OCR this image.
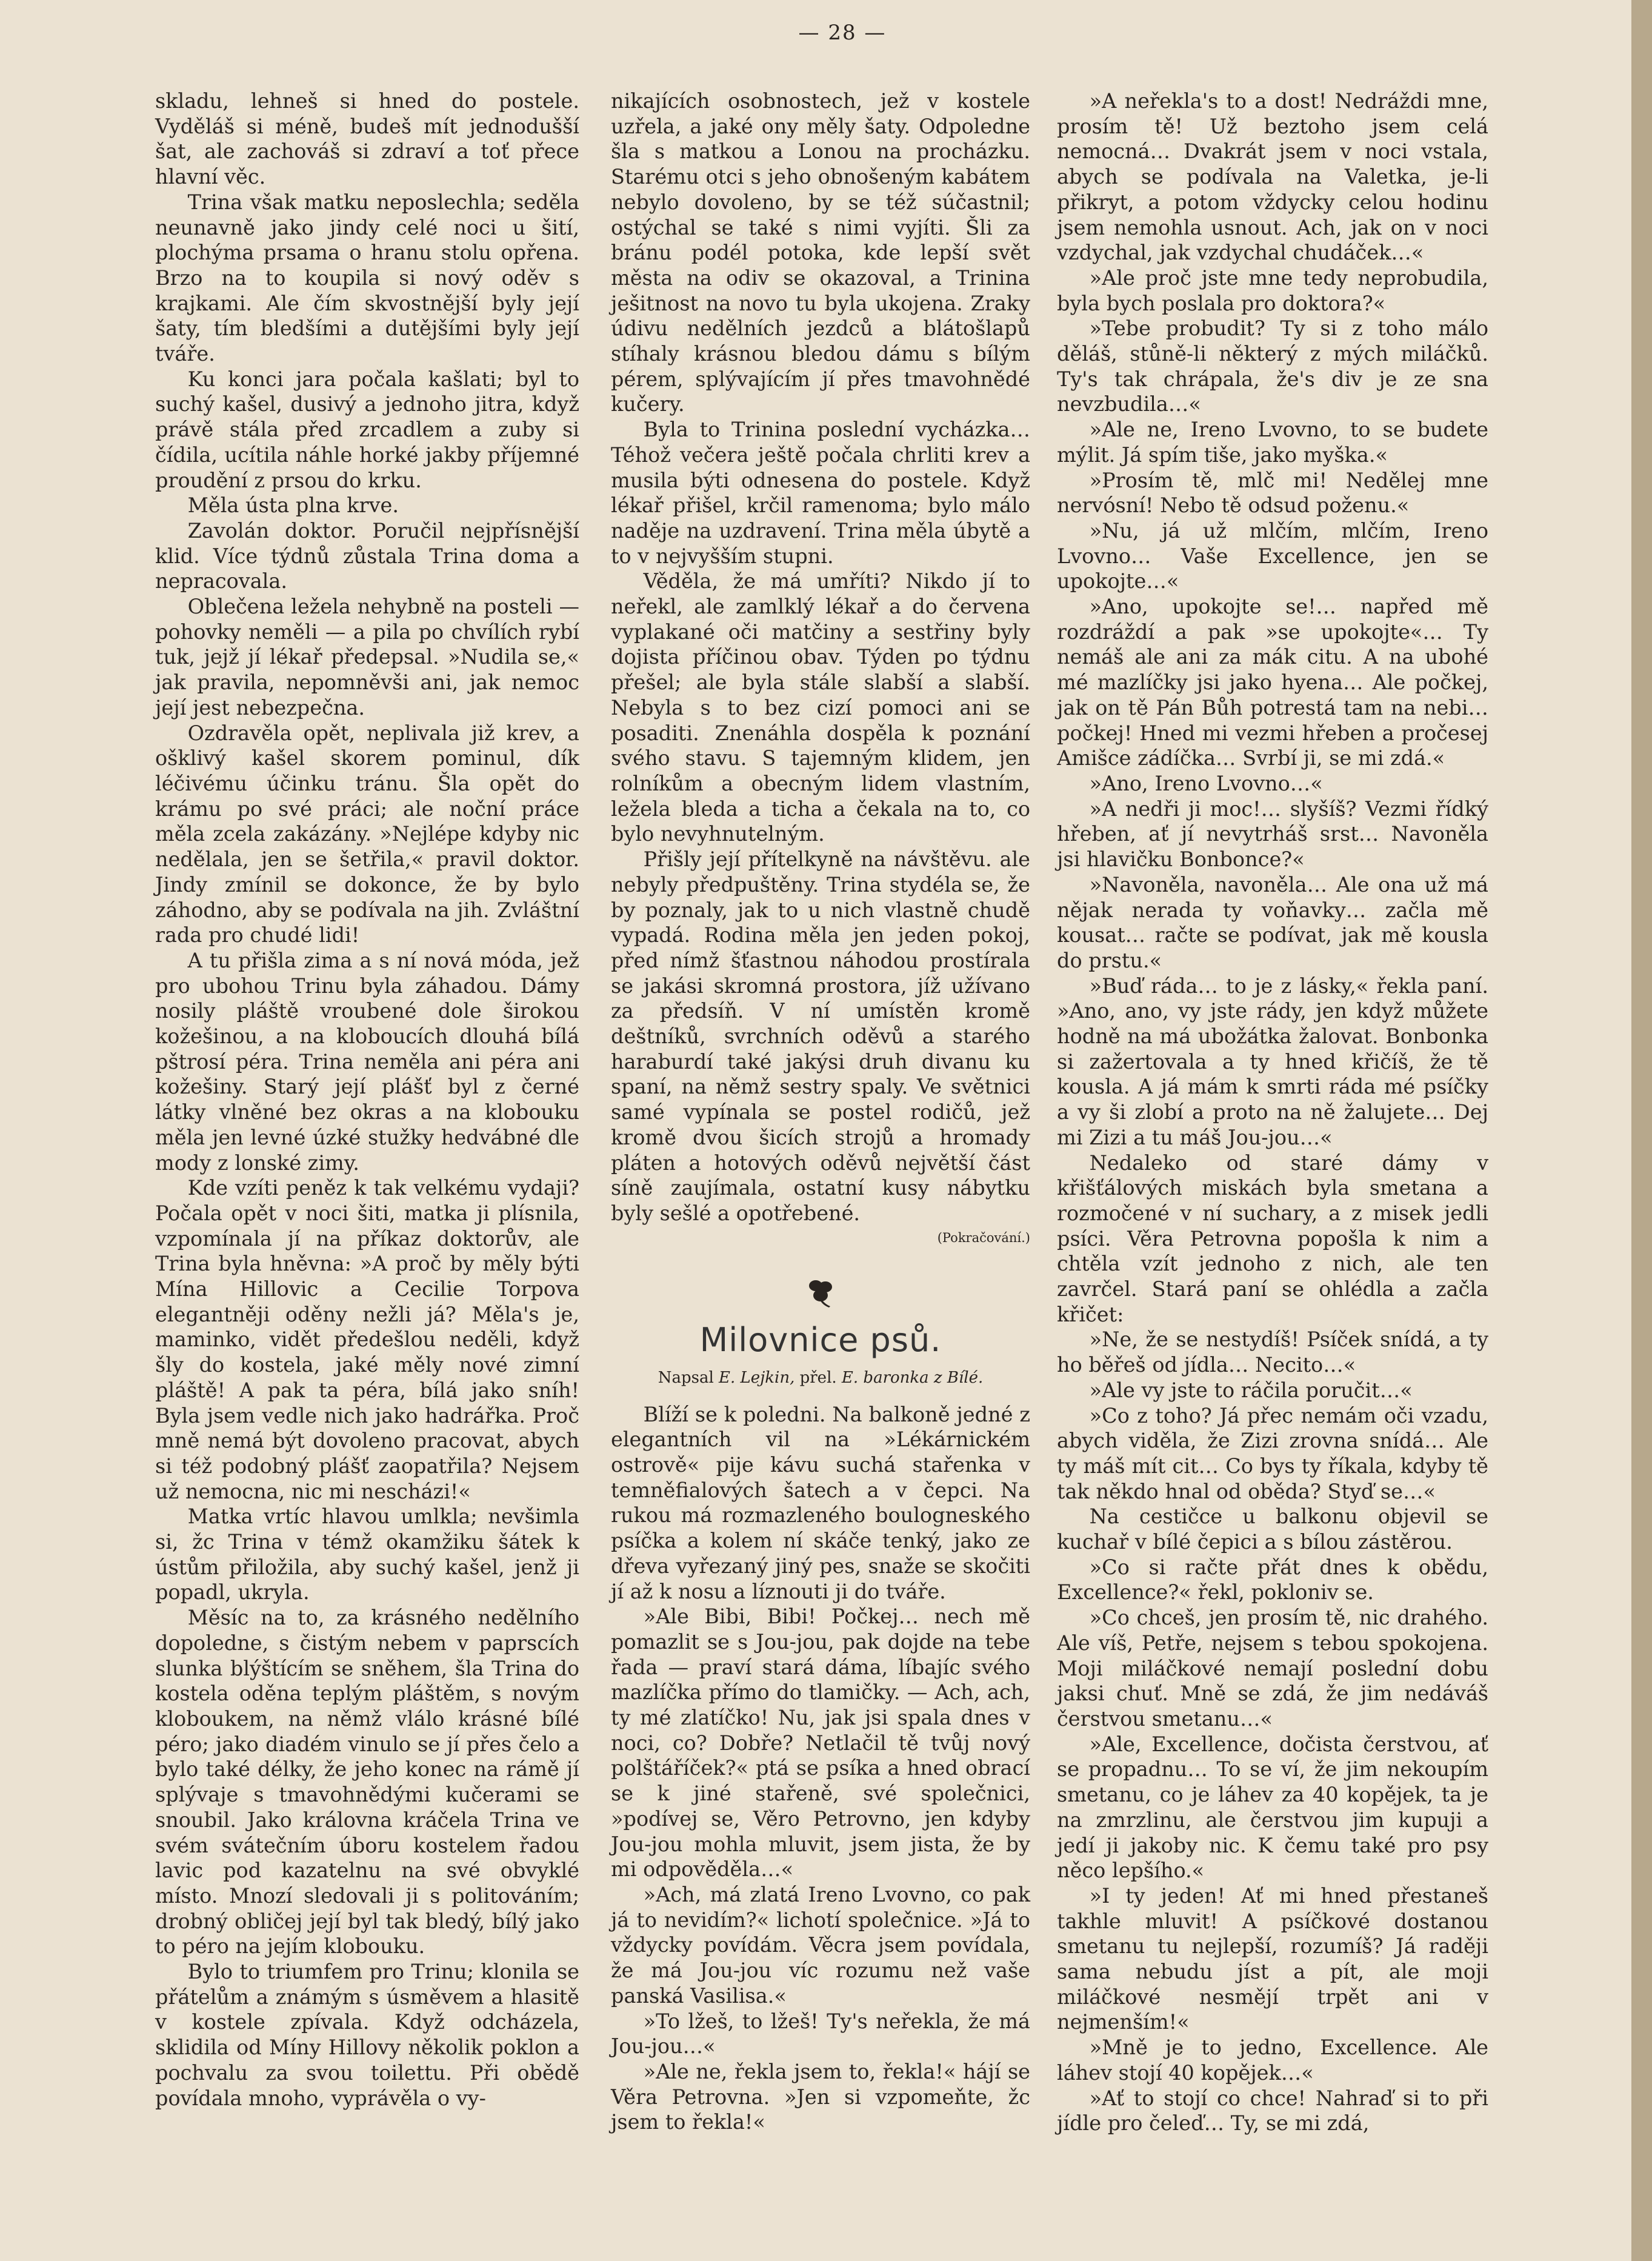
— 28 —

skladu, lehneš si hned do postele. Vyděláš si méně, budeš mít jednodušší šat, ale zachováš si zdraví a toť přece hlavní věc.

Trina však matku neposlechla; seděla neunavně jako jindy celé noci u šití, plochýma prsama o hranu stolu opřena. Brzo na to koupila si nový oděv s krajkami. Ale čím skvostnější byly její šaty, tím bledšími a dutějšími byly její tváře.

Ku konci jara počala kašlati; byl to suchý kašel, dusivý a jednoho jitra, když právě stála před zrcadlem a zuby si čídila, ucítila náhle horké jakby příjemné proudění z prsou do krku.

Měla ústa plna krve.

Zavolán doktor. Poručil nejpřísnější klid. Více týdnů zůstala Trina doma a nepracovala.

Oblečena ležela nehybně na posteli — pohovky neměli — a pila po chvílích rybí tuk, jejž jí lékař předepsal. »Nudila se,« jak pravila, nepomněvši ani, jak nemoc její jest nebezpečna.

Ozdravěla opět, neplivala již krev, a ošklivý kašel skorem pominul, dík léčivému účinku tránu. Šla opět do krámu po své práci; ale noční práce měla zcela zakázány. »Nejlépe kdyby nic nedělala, jen se šetřila,« pravil doktor. Jindy zmínil se dokonce, že by bylo záhodno, aby se podívala na jih. Zvláštní rada pro chudé lidi!

A tu přišla zima a s ní nová móda, jež pro ubohou Trinu byla záhadou. Dámy nosily pláště vroubené dole širokou kožešinou, a na kloboucích dlouhá bílá pštrosí péra. Trina neměla ani péra ani kožešiny. Starý její plášť byl z černé látky vlněné bez okras a na klobouku měla jen levné úzké stužky hedvábné dle mody z lonské zimy.

Kde vzíti peněz k tak velkému vydaji? Počala opět v noci šiti, matka ji plísnila, vzpomínala jí na příkaz doktorův, ale Trina byla hněvna: »A proč by měly býti Mína Hillovic a Cecilie Torpova elegantněji oděny nežli já? Měla's je, maminko, vidět předešlou neděli, když šly do kostela, jaké měly nové zimní pláště! A pak ta péra, bílá jako sníh! Byla jsem vedle nich jako hadrářka. Proč mně nemá být dovoleno pracovat, abych si též podobný plášť zaopatřila? Nejsem už nemocna, nic mi nescházi!«

Matka vrtíc hlavou umlkla; nevšimla si, žc Trina v témž okamžiku šátek k ústům přiložila, aby suchý kašel, jenž ji popadl, ukryla.

Měsíc na to, za krásného nedělního dopoledne, s čistým nebem v paprscích slunka blýštícím se sněhem, šla Trina do kostela oděna teplým pláštěm, s novým kloboukem, na němž vlálo krásné bílé péro; jako diadém vinulo se jí přes čelo a bylo také délky, že jeho konec na rámě jí splývaje s tmavohnědými kučerami se snoubil. Jako královna kráčela Trina ve svém svátečním úboru kostelem řadou lavic pod kazatelnu na své obvyklé místo. Mnozí sledovali ji s politováním; drobný obličej její byl tak bledý, bílý jako to péro na jejím klobouku.

Bylo to triumfem pro Trinu; klonila se přátelům a známým s úsměvem a hlasitě v kostele zpívala. Když odcházela, sklidila od Míny Hillovy několik poklon a pochvalu za svou toilettu. Při obědě povídala mnoho, vyprávěla o vy-

nikajících osobnostech, jež v kostele uzřela, a jaké ony měly šaty. Odpoledne šla s matkou a Lonou na procházku. Starému otci s jeho obnošeným kabátem nebylo dovoleno, by se též súčastnil; ostýchal se také s nimi vyjíti. Šli za bránu podél potoka, kde lepší svět města na odiv se okazoval, a Trinina ješitnost na novo tu byla ukojena. Zraky údivu nedělních jezdců a blátošlapů stíhaly krásnou bledou dámu s bílým pérem, splývajícím jí přes tmavohnědé kučery.

Byla to Trinina poslední vycházka… Téhož večera ještě počala chrliti krev a musila býti odnesena do postele. Když lékař přišel, krčil ramenoma; bylo málo naděje na uzdravení. Trina měla úbytě a to v nejvyšším stupni.

Věděla, že má umříti? Nikdo jí to neřekl, ale zamlklý lékař a do červena vyplakané oči matčiny a sestřiny byly dojista příčinou obav. Týden po týdnu přešel; ale byla stále slabší a slabší. Nebyla s to bez cizí pomoci ani se posaditi. Znenáhla dospěla k poznání svého stavu. S tajemným klidem, jen rolníkům a obecným lidem vlastním, ležela bleda a ticha a čekala na to, co bylo nevyhnutelným.

Přišly její přítelkyně na návštěvu. ale nebyly předpuštěny. Trina stydéla se, že by poznaly, jak to u nich vlastně chudě vypadá. Rodina měla jen jeden pokoj, před nímž šťastnou náhodou prostírala se jakási skromná prostora, jíž užívano za předsíň. V ní umístěn kromě deštníků, svrchních oděvů a starého haraburdí také jakýsi druh divanu ku spaní, na němž sestry spaly. Ve světnici samé vypínala se postel rodičů, jež kromě dvou šicích strojů a hromady pláten a hotových oděvů největší část síně zaujímala, ostatní kusy nábytku byly sešlé a opotřebené.

(Pokračování.)
Milovnice psů.
Napsal E. Lejkin, přel. E. baronka z Bílé.

Blíží se k poledni. Na balkoně jedné z elegantních vil na »Lékárnickém ostrově« pije kávu suchá stařenka v temněfialových šatech a v čepci. Na rukou má rozmazleného boulogneského psíčka a kolem ní skáče tenký, jako ze dřeva vyřezaný jiný pes, snaže se skočiti jí až k nosu a líznouti ji do tváře.

»Ale Bibi, Bibi! Počkej… nech mě pomazlit se s Jou-jou, pak dojde na tebe řada — praví stará dáma, líbajíc svého mazlíčka přímo do tlamičky. — Ach, ach, ty mé zlatíčko! Nu, jak jsi spala dnes v noci, co? Dobře? Netlačil tě tvůj nový polštáříček?« ptá se psíka a hned obrací se k jiné stařeně, své společnici, »podívej se, Věro Petrovno, jen kdyby Jou-jou mohla mluvit, jsem jista, že by mi odpověděla…«

»Ach, má zlatá Ireno Lvovno, co pak já to nevidím?« lichotí společnice. »Já to vždycky povídám. Věcra jsem povídala, že má Jou-jou víc rozumu než vaše panská Vasilisa.«

»To lžeš, to lžeš! Ty's neřekla, že má Jou-jou…«

»Ale ne, řekla jsem to, řekla!« hájí se Věra Petrovna. »Jen si vzpomeňte, žc jsem to řekla!«

»A neřekla's to a dost! Nedráždi mne, prosím tě! Už beztoho jsem celá nemocná… Dvakrát jsem v noci vstala, abych se podívala na Valetka, je-li přikryt, a potom vždycky celou hodinu jsem nemohla usnout. Ach, jak on v noci vzdychal, jak vzdychal chudáček…«

»Ale proč jste mne tedy neprobudila, byla bych poslala pro doktora?«

»Tebe probudit? Ty si z toho málo děláš, stůně-li některý z mých miláčků. Ty's tak chrápala, že's div je ze sna nevzbudila…«

»Ale ne, Ireno Lvovno, to se budete mýlit. Já spím tiše, jako myška.«

»Prosím tě, mlč mi! Nedělej mne nervósní! Nebo tě odsud poženu.«

»Nu, já už mlčím, mlčím, Ireno Lvovno… Vaše Excellence, jen se upokojte…«

»Ano, upokojte se!… napřed mě rozdráždí a pak »se upokojte«… Ty nemáš ale ani za mák citu. A na ubohé mé mazlíčky jsi jako hyena… Ale počkej, jak on tě Pán Bůh potrestá tam na nebi… počkej! Hned mi vezmi hřeben a pročesej Amišce zádíčka… Svrbí ji, se mi zdá.«

»Ano, Ireno Lvovno…«

»A nedři ji moc!… slyšíš? Vezmi řídký hřeben, ať jí nevytrháš srst… Navoněla jsi hlavičku Bonbonce?«

»Navoněla, navoněla… Ale ona už má nějak nerada ty voňavky… začla mě kousat… račte se podívat, jak mě kousla do prstu.«

»Buď ráda… to je z lásky,« řekla paní. »Ano, ano, vy jste rády, jen když můžete hodně na má ubožátka žalovat. Bonbonka si zažertovala a ty hned křičíš, že tě kousla. A já mám k smrti ráda mé psíčky a vy ši zlobí a proto na ně žalujete… Dej mi Zizi a tu máš Jou-jou…«

Nedaleko od staré dámy v křišťálových miskách byla smetana a rozmočené v ní suchary, a z misek jedli psíci. Věra Petrovna popošla k nim a chtěla vzít jednoho z nich, ale ten zavrčel. Stará paní se ohlédla a začla křičet:

»Ne, že se nestydíš! Psíček snídá, a ty ho běřeš od jídla… Necito…«

»Ale vy jste to ráčila poručit…«

»Co z toho? Já přec nemám oči vzadu, abych viděla, že Zizi zrovna snídá… Ale ty máš mít cit… Co bys ty říkala, kdyby tě tak někdo hnal od oběda? Styď se…«

Na cestičce u balkonu objevil se kuchař v bílé čepici a s bílou zástěrou.

»Co si račte přát dnes k obědu, Excellence?« řekl, pokloniv se.

»Co chceš, jen prosím tě, nic drahého. Ale víš, Petře, nejsem s tebou spokojena. Moji miláčkové nemají poslední dobu jaksi chuť. Mně se zdá, že jim nedáváš čerstvou smetanu…«

»Ale, Excellence, dočista čerstvou, ať se propadnu… To se ví, že jim nekoupím smetanu, co je láhev za 40 kopějek, ta je na zmrzlinu, ale čerstvou jim kupuji a jedí ji jakoby nic. K čemu také pro psy něco lepšího.«

»I ty jeden! Ať mi hned přestaneš takhle mluvit! A psíčkové dostanou smetanu tu nejlepší, rozumíš? Já raději sama nebudu jíst a pít, ale moji miláčkové nesmějí trpět ani v nejmenším!«

»Mně je to jedno, Excellence. Ale láhev stojí 40 kopějek…«

»Ať to stojí co chce! Nahraď si to při jídle pro čeleď… Ty, se mi zdá,
